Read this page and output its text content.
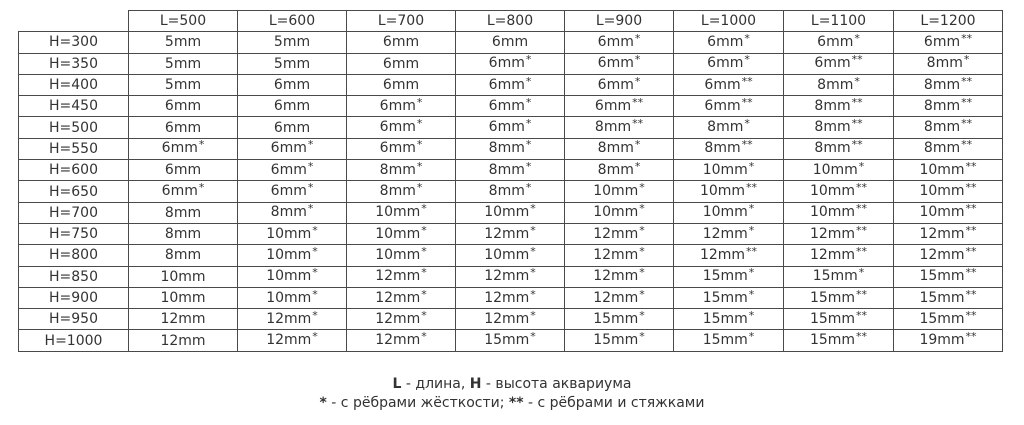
	L=500	L=600	L=700	L=800	L=900	L=1000	L=1100	L=1200
H=300	5mm	5mm	6mm	6mm	6mm*	6mm*	6mm*	6mm**
H=350	5mm	5mm	6mm	6mm*	6mm*	6mm*	6mm**	8mm*
H=400	5mm	6mm	6mm	6mm*	6mm*	6mm**	8mm*	8mm**
H=450	6mm	6mm	6mm*	6mm*	6mm**	6mm**	8mm**	8mm**
H=500	6mm	6mm	6mm*	6mm*	8mm**	8mm*	8mm**	8mm**
H=550	6mm*	6mm*	6mm*	8mm*	8mm*	8mm**	8mm**	8mm**
H=600	6mm	6mm*	8mm*	8mm*	8mm*	10mm*	10mm*	10mm**
H=650	6mm*	6mm*	8mm*	8mm*	10mm*	10mm**	10mm**	10mm**
H=700	8mm	8mm*	10mm*	10mm*	10mm*	10mm*	10mm**	10mm**
H=750	8mm	10mm*	10mm*	12mm*	12mm*	12mm*	12mm**	12mm**
H=800	8mm	10mm*	10mm*	10mm*	12mm*	12mm**	12mm**	12mm**
H=850	10mm	10mm*	12mm*	12mm*	12mm*	15mm*	15mm*	15mm**
H=900	10mm	10mm*	12mm*	12mm*	12mm*	15mm*	15mm**	15mm**
H=950	12mm	12mm*	12mm*	12mm*	15mm*	15mm*	15mm**	15mm**
H=1000	12mm	12mm*	12mm*	15mm*	15mm*	15mm*	15mm**	19mm**
L - длина, H - высота аквариума
* - с рёбрами жёсткости; ** - с рёбрами и стяжками
